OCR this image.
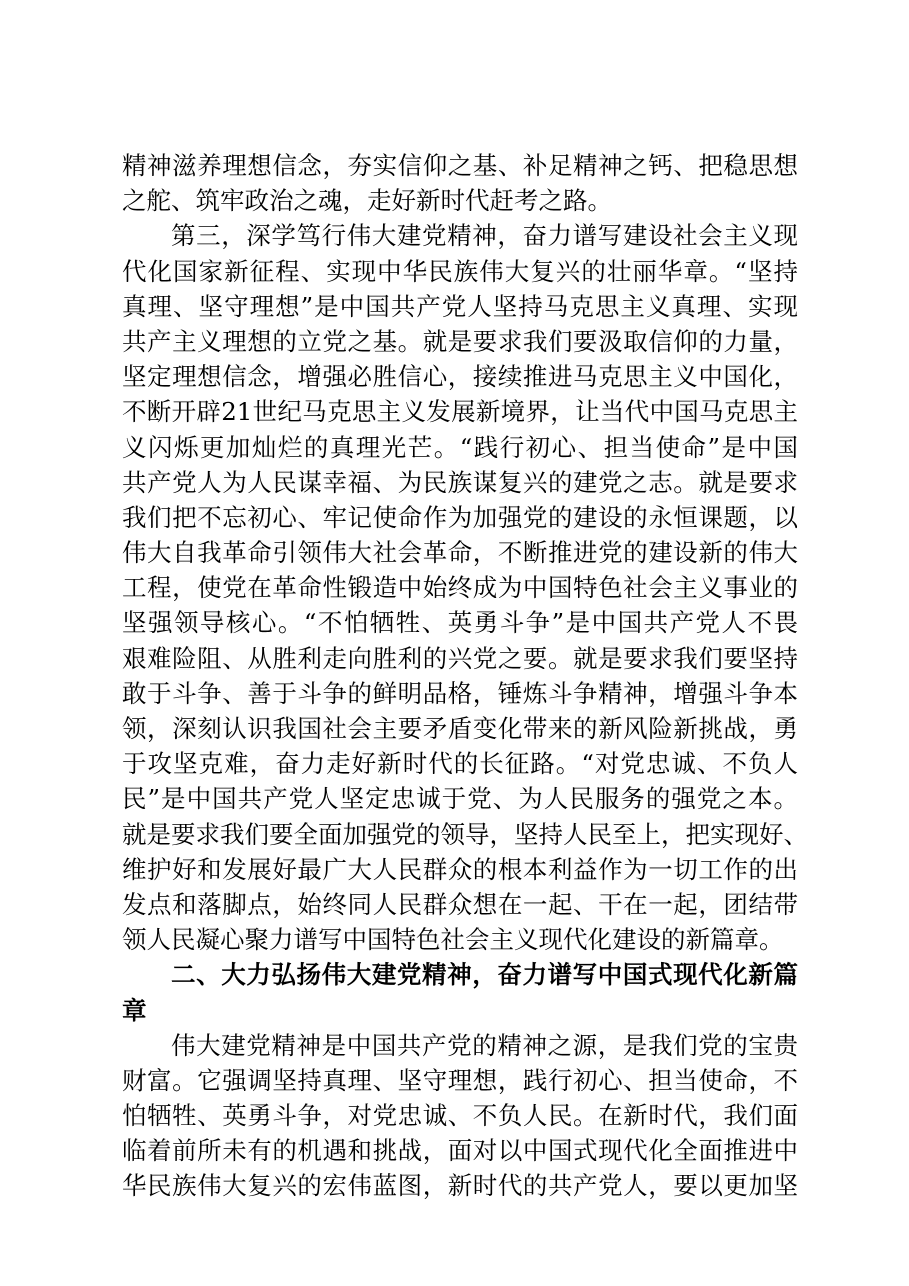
精神滋养理想信念，夯实信仰之基、补足精神之钙、把稳思想
之舵、筑牢政治之魂，走好新时代赶考之路。
第三，深学笃行伟大建党精神，奋力谱写建设社会主义现
代化国家新征程、实现中华民族伟大复兴的壮丽华章。“坚持
真理、坚守理想”是中国共产党人坚持马克思主义真理、实现
共产主义理想的立党之基。就是要求我们要汲取信仰的力量，
坚定理想信念，增强必胜信心，接续推进马克思主义中国化，
不断开辟21世纪马克思主义发展新境界，让当代中国马克思主
义闪烁更加灿烂的真理光芒。“践行初心、担当使命”是中国
共产党人为人民谋幸福、为民族谋复兴的建党之志。就是要求
我们把不忘初心、牢记使命作为加强党的建设的永恒课题，以
伟大自我革命引领伟大社会革命，不断推进党的建设新的伟大
工程，使党在革命性锻造中始终成为中国特色社会主义事业的
坚强领导核心。“不怕牺牲、英勇斗争”是中国共产党人不畏
艰难险阻、从胜利走向胜利的兴党之要。就是要求我们要坚持
敢于斗争、善于斗争的鲜明品格，锤炼斗争精神，增强斗争本
领，深刻认识我国社会主要矛盾变化带来的新风险新挑战，勇
于攻坚克难，奋力走好新时代的长征路。“对党忠诚、不负人
民”是中国共产党人坚定忠诚于党、为人民服务的强党之本。
就是要求我们要全面加强党的领导，坚持人民至上，把实现好、
维护好和发展好最广大人民群众的根本利益作为一切工作的出
发点和落脚点，始终同人民群众想在一起、干在一起，团结带
领人民凝心聚力谱写中国特色社会主义现代化建设的新篇章。
二、大力弘扬伟大建党精神，奋力谱写中国式现代化新篇
章
伟大建党精神是中国共产党的精神之源，是我们党的宝贵
财富。它强调坚持真理、坚守理想，践行初心、担当使命，不
怕牺牲、英勇斗争，对党忠诚、不负人民。在新时代，我们面
临着前所未有的机遇和挑战，面对以中国式现代化全面推进中
华民族伟大复兴的宏伟蓝图，新时代的共产党人，要以更加坚
